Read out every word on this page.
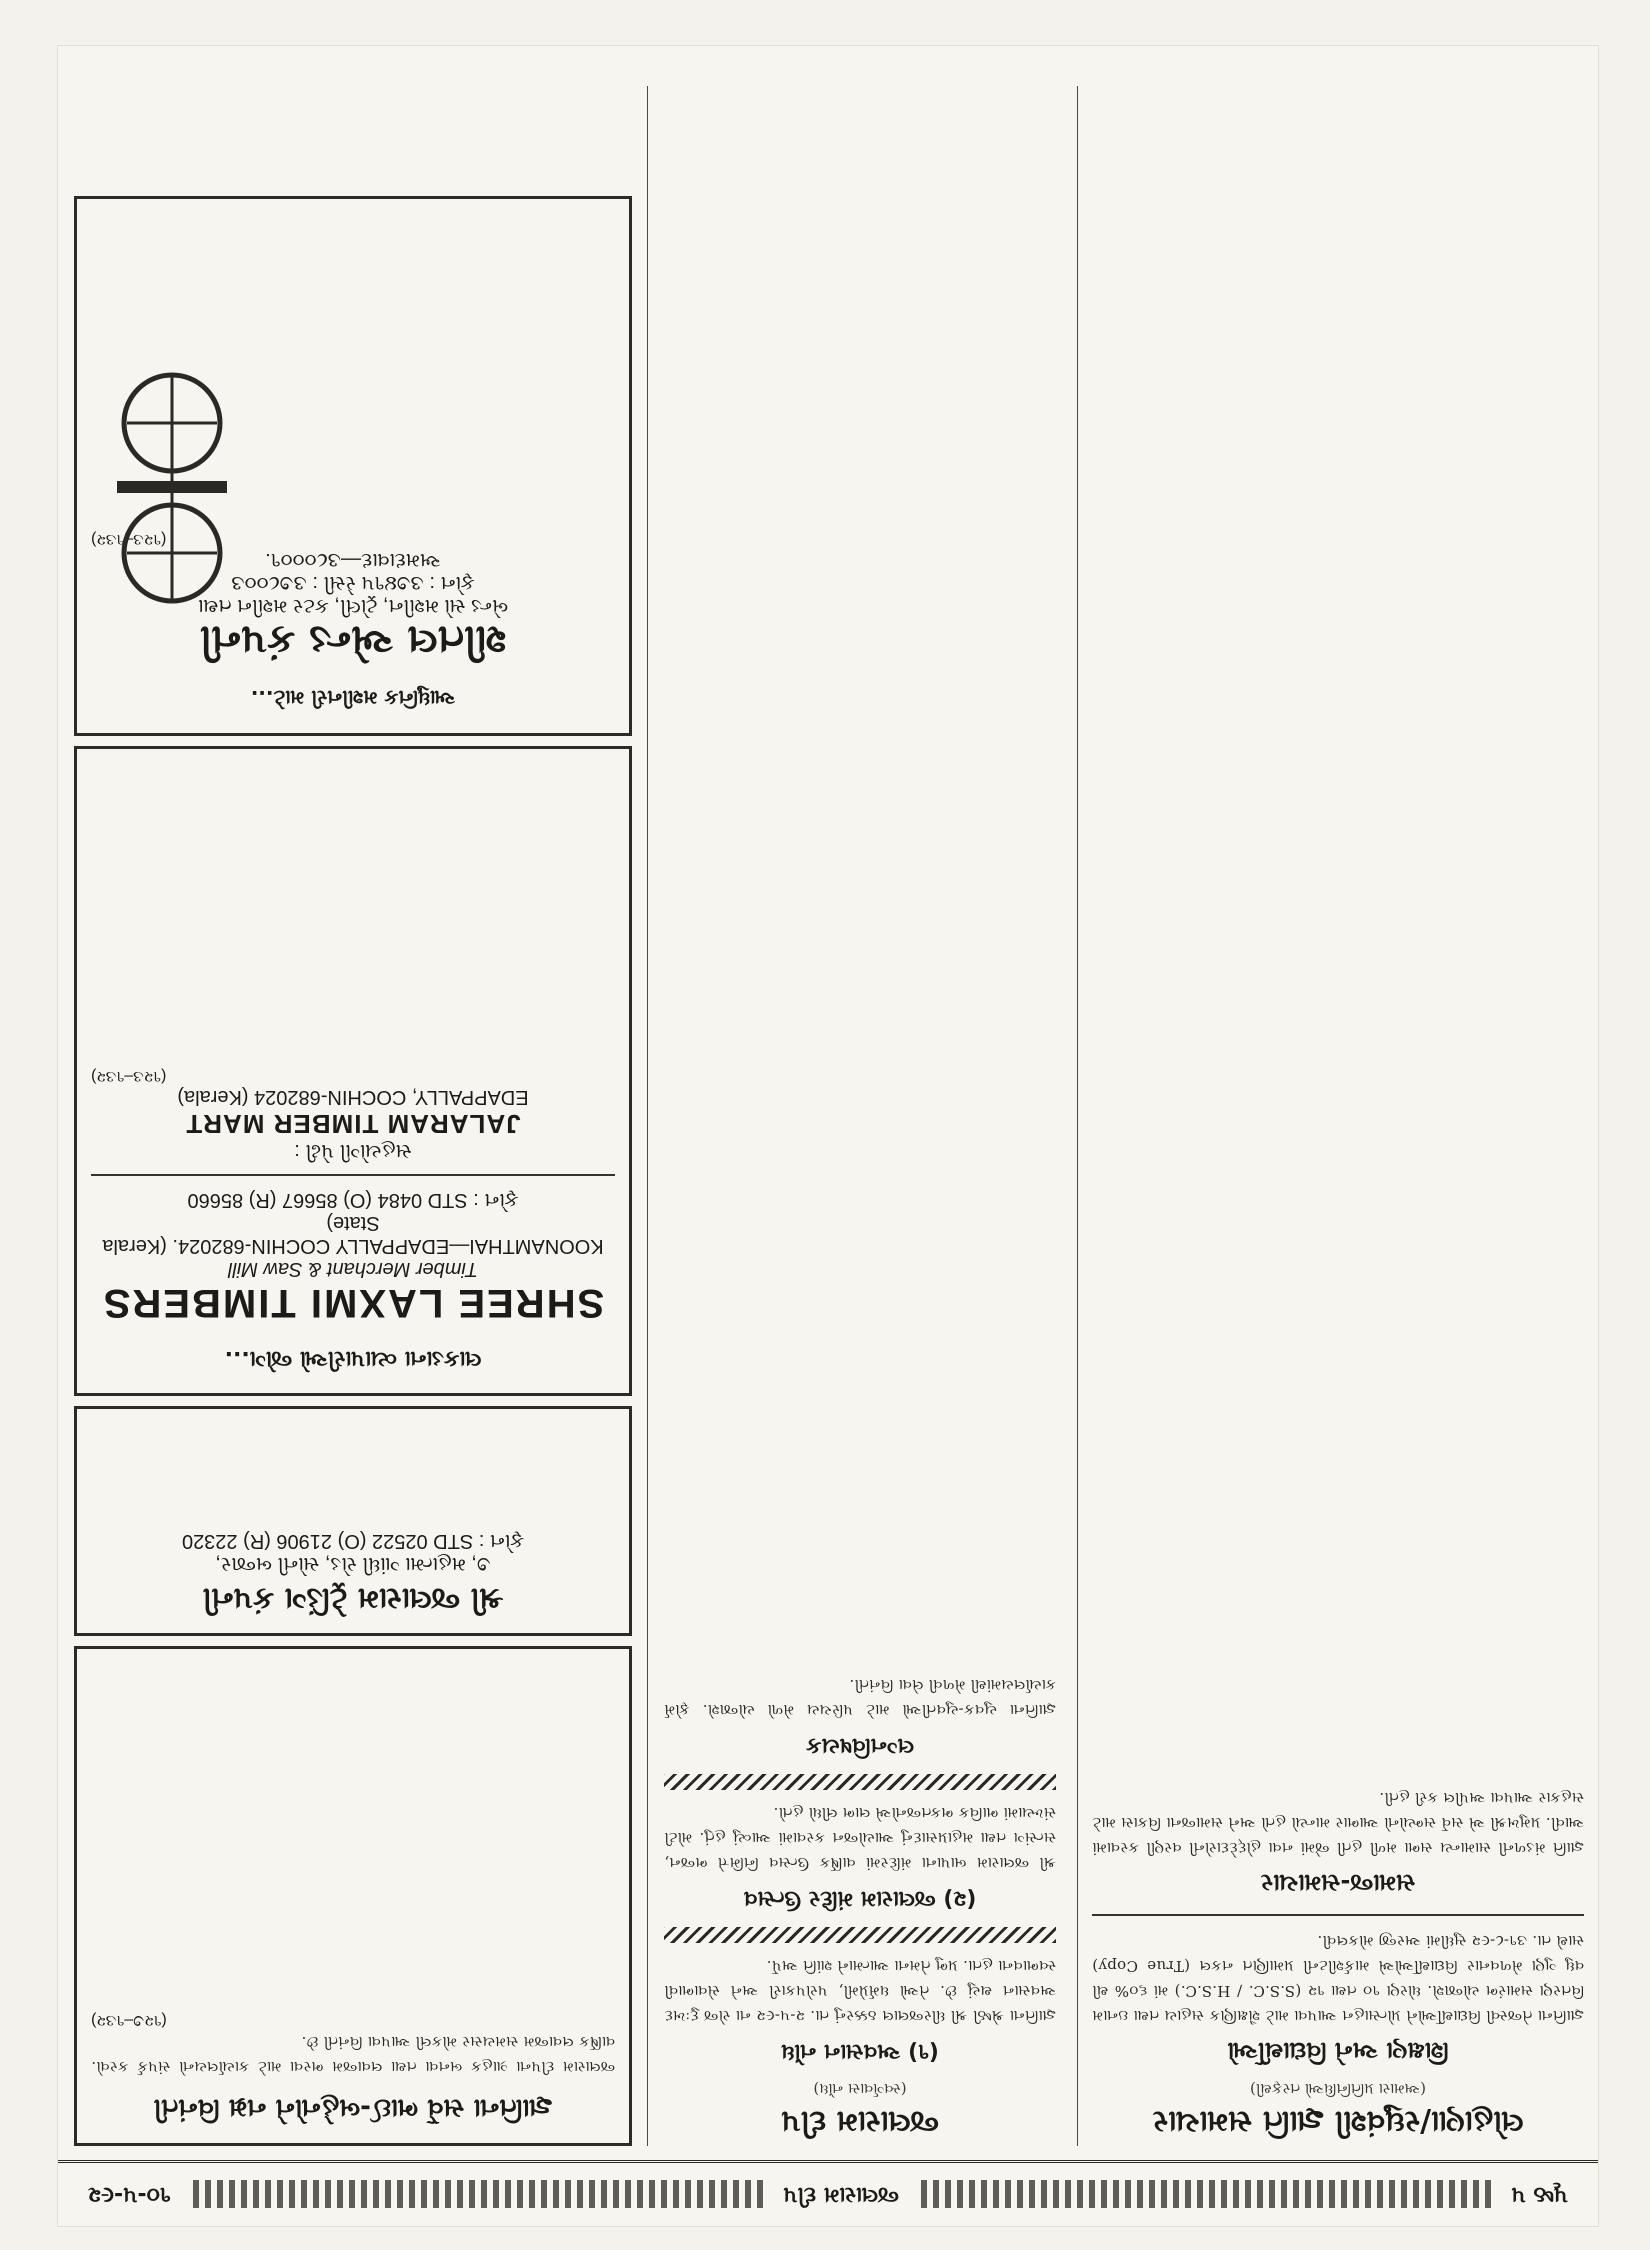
પૃષ્ઠ ૫
જલારામ દીપ
૧૦-૫-૯૨
લોહાણા/રઘુવંશી જ્ઞાતિ સમાચાર
(અમારા પ્રતિનિધિઓ તરફથી)
શિક્ષણ અને વિદ્યાર્થીઓ
જ્ઞાતિના તેજસ્વી વિદ્યાર્થીઓને પ્રોત્સાહન આપવા માટે શૈક્ષણિક સહાય તથા ઇનામ વિતરણ સમારંભ યોજાશે. ધોરણ ૧૦ તથા ૧૨ (S.S.C. / H.S.C.) માં ૬૦% થી વધુ ગુણ મેળવનાર વિદ્યાર્થીઓએ માર્કશીટની પ્રમાણિત નકલ (True Copy) સાથે તા. ૩૧-૮-૯૨ સુધીમાં અરજી મોકલવી.
સમાજ-સમાચાર
જ્ઞાતિ મંડળની સામાન્ય સભા મળી હતી જેમાં નવા હોદ્દેદારોની વરણી કરવામાં આવી. પ્રમુખશ્રી એ સર્વે સભ્યોનો આભાર માન્યો હતો અને સમાજના વિકાસ માટે સહકાર આપવા અપીલ કરી હતી.
જલારામ દીપ
(સ્વર્ગવાસ નોંધ)
(૧) અવસાન નોંધ
જ્ઞાતિના શ્રેષ્ઠી શ્રી ધીરજલાલ ઠક્કરનું તા. ૨-૫-૯૨ ના રોજ દુઃખદ અવસાન થયું છે. તેઓ ધર્મપ્રેમી, પરોપકારી અને સેવાભાવી સ્વભાવના હતા. પ્રભુ તેમના આત્માને શાંતિ અર્પે.
(૨) જલારામ મંદિર ઉત્સવ
શ્રી જલારામ બાપાના મંદિરમાં વાર્ષિક ઉત્સવ નિમિત્તે ભજન, સત્સંગ તથા મહાપ્રસાદનું આયોજન કરવામાં આવ્યું હતું. મોટી સંખ્યામાં ભાવિક ભક્તજનોએ લાભ લીધો હતો.
લગ્નવિષયક
જ્ઞાતિના યુવક-યુવતીઓ માટે પરિચય મેળો યોજાશે. ફોર્મ કાર્યાલયમાંથી મેળવી લેવા વિનંતી.
જ્ઞાતિના સર્વે ભાઈ-બહેનોને નમ્ર વિનંતી
જલારામ દીપના ગ્રાહક બનવા તથા લવાજમ ભરવા માટે કાર્યાલયનો સંપર્ક કરવો. વાર્ષિક લવાજમ સમયસર મોકલી આપવા વિનંતી છે.
(૧૨૭–૧૩૨)
શ્રી જલારામ ટ્રેડિંગ કંપની
૭, મહાત્મા ગાંધી રોડ, સોની બજાર,
ફોન : STD 02522 (O) 21906 (R) 22320
લાકડાના વ્યાપારીઓ જોગ...
SHREE LAXMI TIMBERS
Timber Merchant & Saw Mill
KOONAMTHAI—EDAPPALLY COCHIN-682024. (Kerala State)
ફોન : STD 0484 (O) 85667 (R) 85660
સહયોગી પેઢી :
JALARAM TIMBER MART
EDAPPALLY, COCHIN-682024 (Kerala)
(૧૨૩–૧૩૨)
આધુનિક મશીનરી માટે...
શીતલ એન્ડ કંપની
બેન્ડ સો મશીન, ટ્રોલી, કટર મશીન તથા
ફોન : ૩૭૪૧૫ રેસી : ૩૭૮૦૦૩
અમદાવાદ—૩૮૦૦૦૧.
(૧૨૩–૧૩૨)
